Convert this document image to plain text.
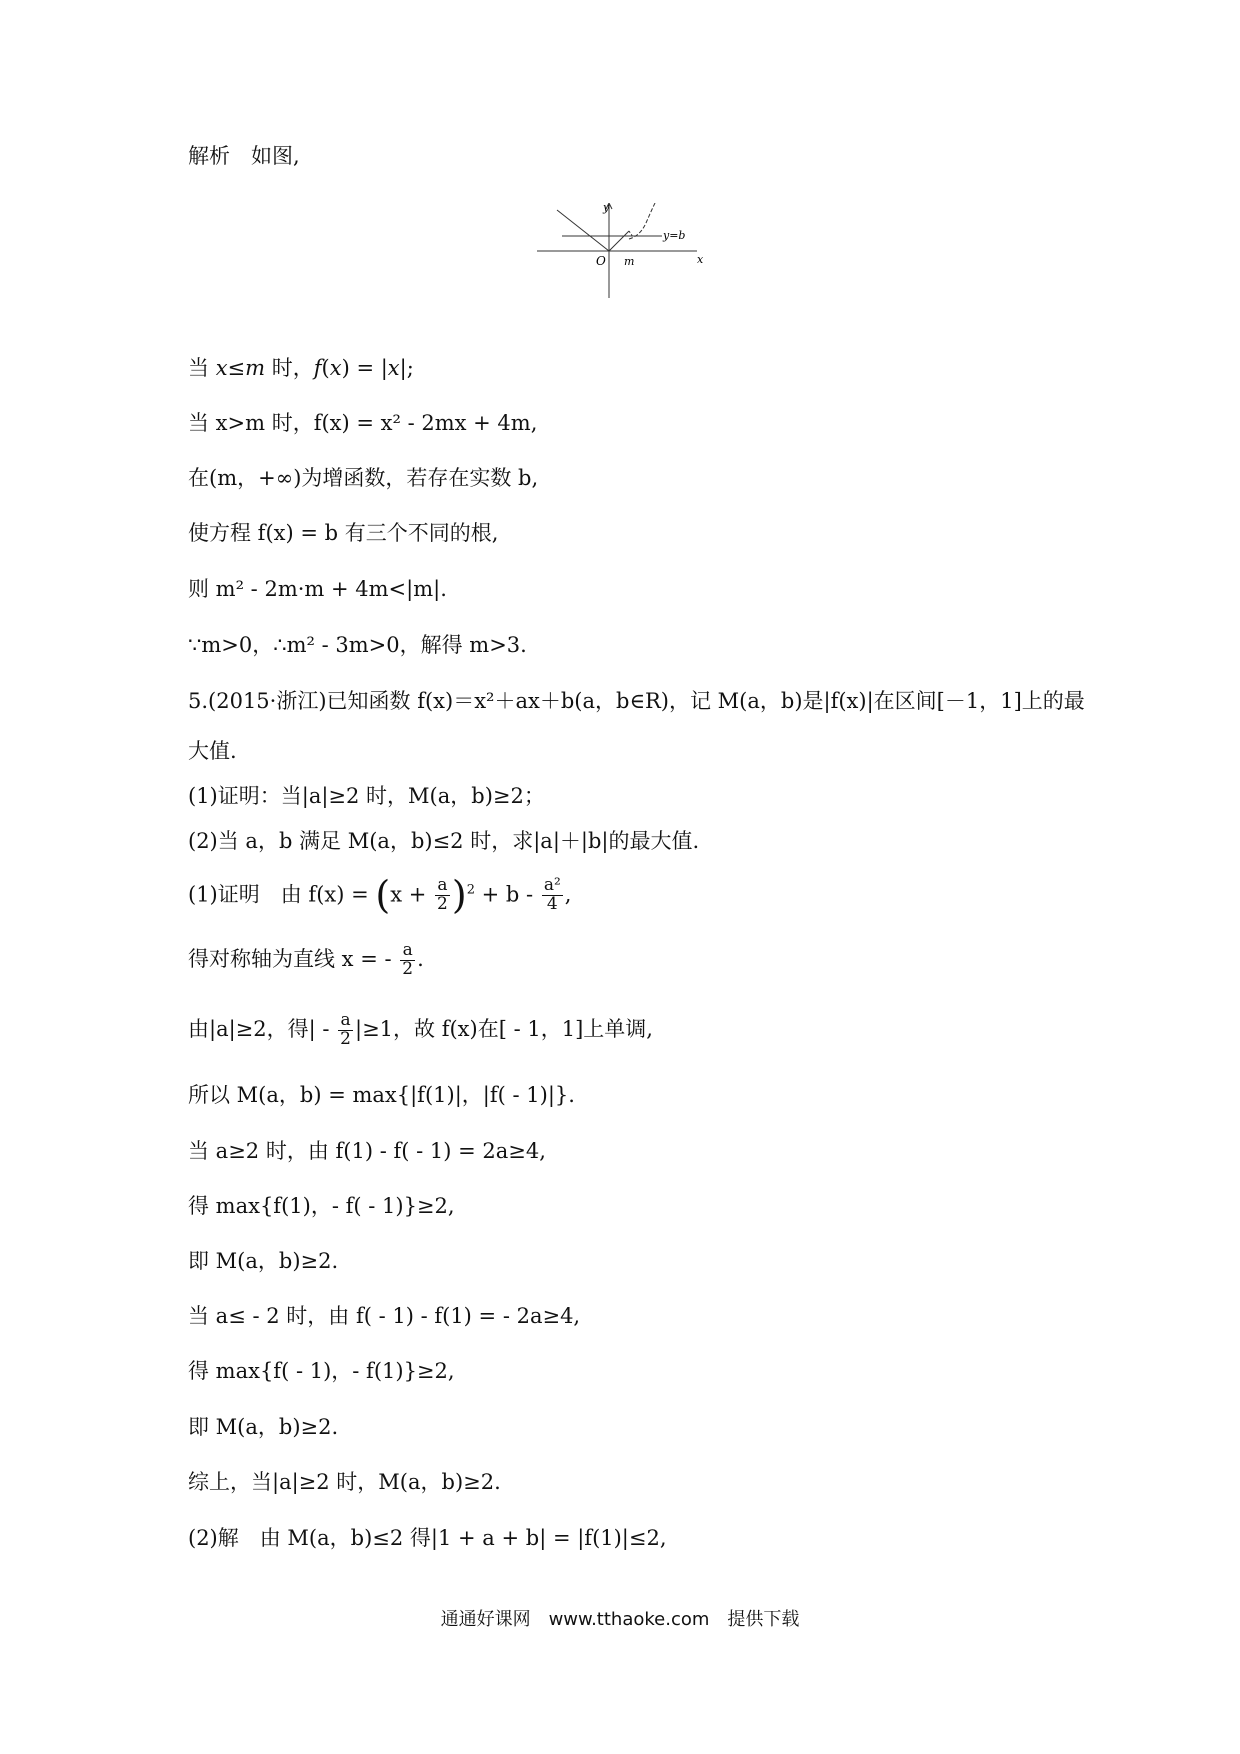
解析　如图,
y
x
O m
y=b
当 x≤m 时，f(x) = |x|;
当 x>m 时，f(x) = x² - 2mx + 4m,
在(m，+∞)为增函数，若存在实数 b,
使方程 f(x) = b 有三个不同的根,
则 m² - 2m·m + 4m<|m|.
∵m>0，∴m² - 3m>0，解得 m>3.
5.(2015·浙江)已知函数 f(x)＝x²＋ax＋b(a，b∈R)，记 M(a，b)是|f(x)|在区间[－1，1]上的最
大值.
(1)证明：当|a|≥2 时，M(a，b)≥2；
(2)当 a，b 满足 M(a，b)≤2 时，求|a|＋|b|的最大值.
(1)证明　由 $f(x) = (x + \frac{a}{2} )^2 + b - \frac{\text{a²}}{4}$ ,
得对称轴为直线 x = - $\frac{a}{2}$ .
由|a|≥2，得| - $\frac{a}{2} |\ge 1$，故 f(x)在[ - 1，1]上单调,
所以 M(a，b) = max{|f(1)|，|f( - 1)|}.
当 a≥2 时，由 f(1) - f( - 1) = 2a≥4,
得 max{f(1)，- f( - 1)}≥2,
即 M(a，b)≥2.
当 a≤ - 2 时，由 f( - 1) - f(1) = - 2a≥4,
得 max{f( - 1)，- f(1)}≥2,
即 M(a，b)≥2.
综上，当|a|≥2 时，M(a，b)≥2.
(2)解　由 M(a，b)≤2 得|1 + a + b| = |f(1)|≤2,
通通好课网　www.tthaoke.com　提供下载
